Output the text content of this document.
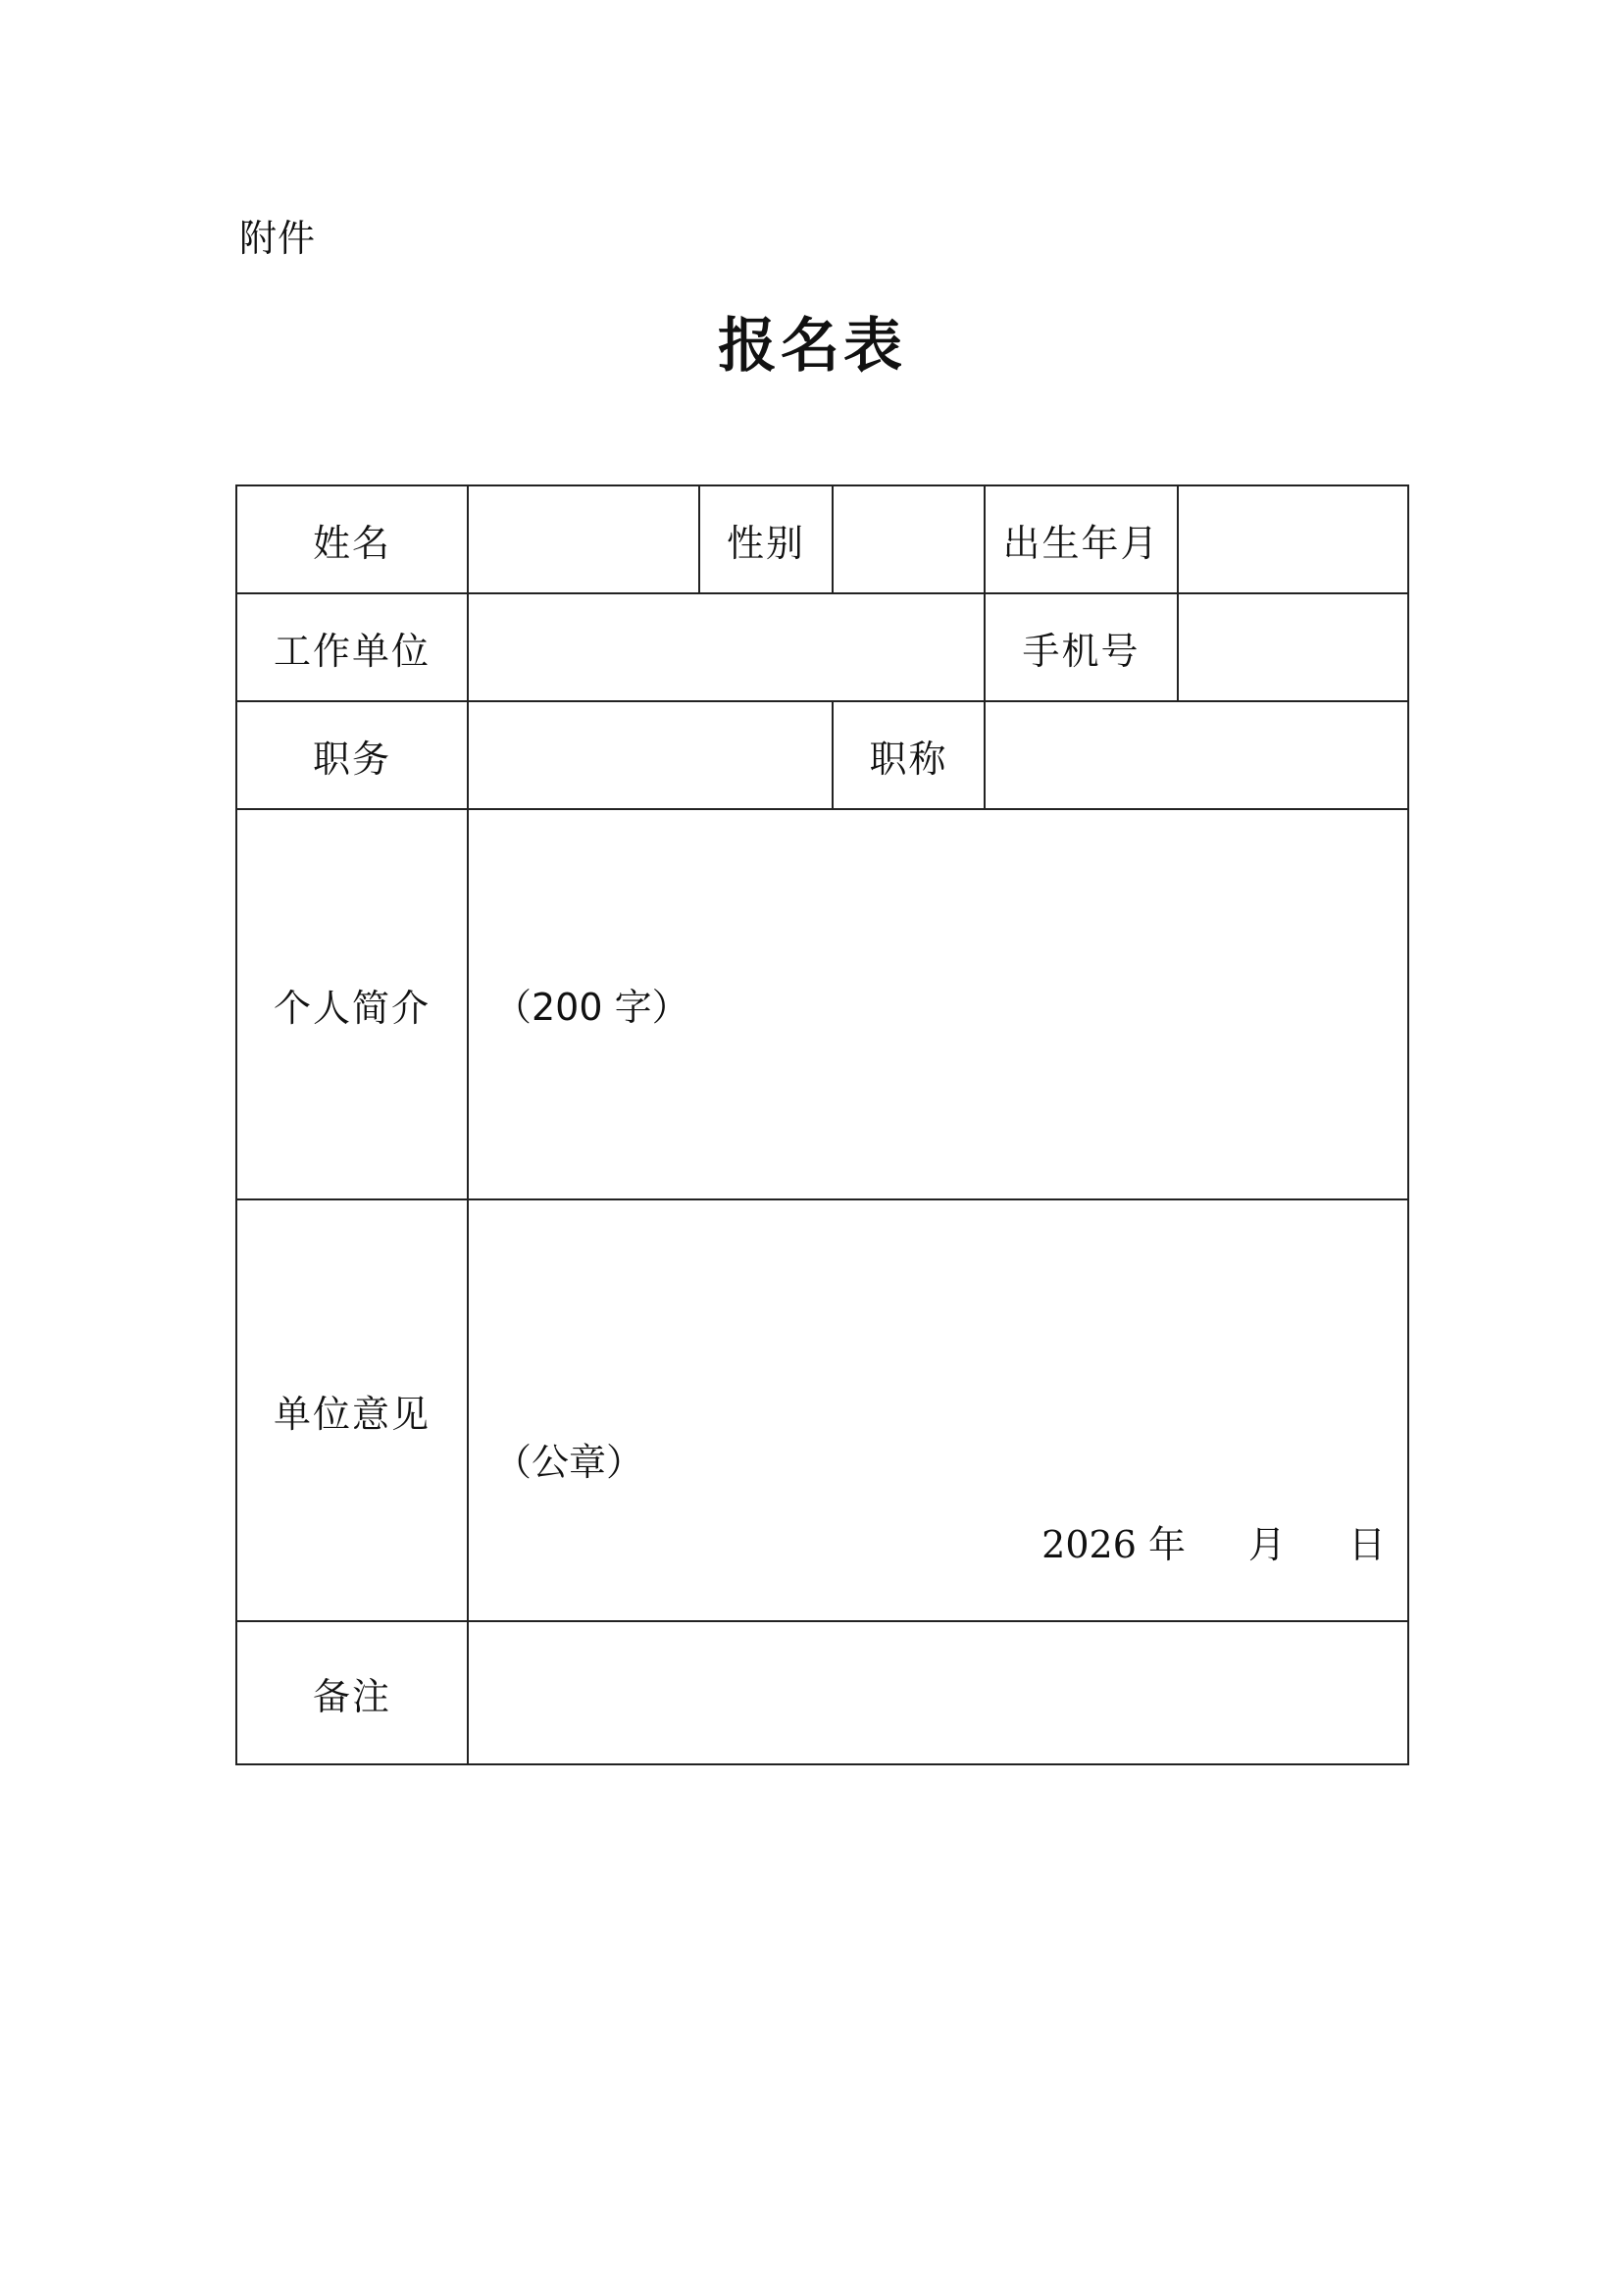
附件
报名表
姓名		性别		出生年月	
工作单位				手机号	
职务			职称		
个人简介	（200 字）				

单位意见	（公章）
2026 年 月 日				

备注					
